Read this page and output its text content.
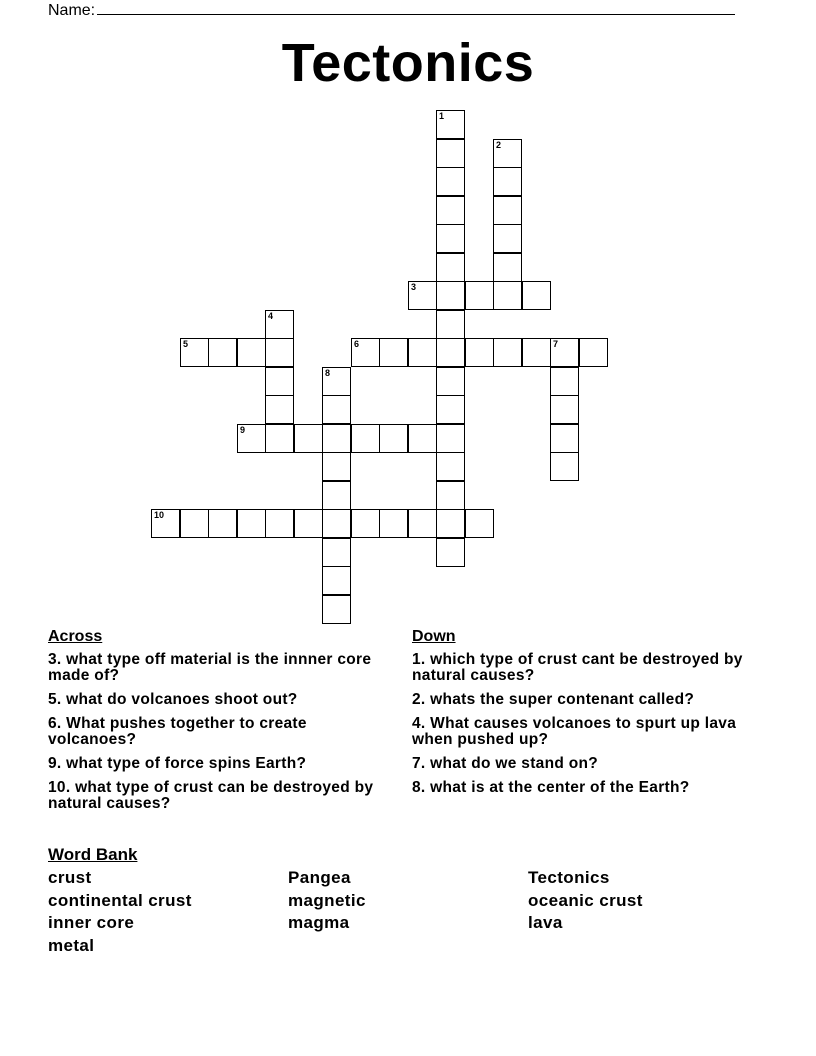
Name:
Tectonics
1
2
3
4
5	6	7
8
9
10
Across
3. what type off material is the innner core made of?
5. what do volcanoes shoot out?
6. What pushes together to create volcanoes?
9. what type of force spins Earth?
10. what type of crust can be destroyed by natural causes?
Down
1. which type of crust cant be destroyed by natural causes?
2. whats the super contenant called?
4. What causes volcanoes to spurt up lava when pushed up?
7. what do we stand on?
8. what is at the center of the Earth?
Word Bank
crust
continental crust
inner core
metal
Pangea
magnetic
magma
Tectonics
oceanic crust
lava
